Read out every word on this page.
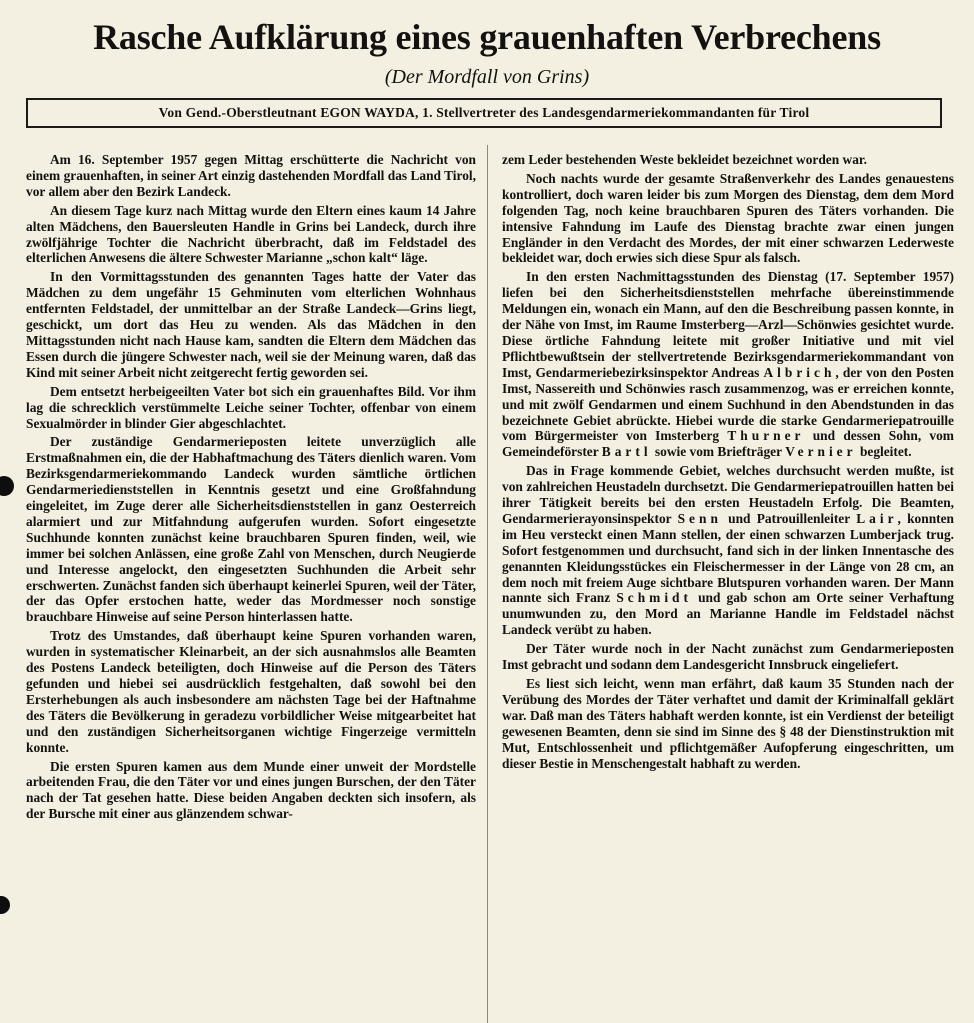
Rasche Aufklärung eines grauenhaften Verbrechens
(Der Mordfall von Grins)
Von Gend.-Oberstleutnant EGON WAYDA, 1. Stellvertreter des Landesgendarmeriekommandanten für Tirol

Am 16. September 1957 gegen Mittag erschütterte die Nachricht von einem grauenhaften, in seiner Art einzig dastehenden Mordfall das Land Tirol, vor allem aber den Bezirk Landeck.

An diesem Tage kurz nach Mittag wurde den Eltern eines kaum 14 Jahre alten Mädchens, den Bauersleuten Handle in Grins bei Landeck, durch ihre zwölfjährige Tochter die Nachricht überbracht, daß im Feldstadel des elterlichen Anwesens die ältere Schwester Marianne „schon kalt“ läge.

In den Vormittagsstunden des genannten Tages hatte der Vater das Mädchen zu dem ungefähr 15 Gehminuten vom elterlichen Wohnhaus entfernten Feldstadel, der unmittelbar an der Straße Landeck—Grins liegt, geschickt, um dort das Heu zu wenden. Als das Mädchen in den Mittagsstunden nicht nach Hause kam, sandten die Eltern dem Mädchen das Essen durch die jüngere Schwester nach, weil sie der Meinung waren, daß das Kind mit seiner Arbeit nicht zeitgerecht fertig geworden sei.

Dem entsetzt herbeigeeilten Vater bot sich ein grauenhaftes Bild. Vor ihm lag die schrecklich verstümmelte Leiche seiner Tochter, offenbar von einem Sexualmörder in blinder Gier abgeschlachtet.

Der zuständige Gendarmerieposten leitete unverzüglich alle Erstmaßnahmen ein, die der Habhaftmachung des Täters dienlich waren. Vom Bezirksgendarmeriekommando Landeck wurden sämtliche örtlichen Gendarmeriedienststellen in Kenntnis gesetzt und eine Großfahndung eingeleitet, im Zuge derer alle Sicherheitsdienststellen in ganz Oesterreich alarmiert und zur Mitfahndung aufgerufen wurden. Sofort eingesetzte Suchhunde konnten zunächst keine brauchbaren Spuren finden, weil, wie immer bei solchen Anlässen, eine große Zahl von Menschen, durch Neugierde und Interesse angelockt, den eingesetzten Suchhunden die Arbeit sehr erschwerten. Zunächst fanden sich überhaupt keinerlei Spuren, weil der Täter, der das Opfer erstochen hatte, weder das Mordmesser noch sonstige brauchbare Hinweise auf seine Person hinterlassen hatte.

Trotz des Umstandes, daß überhaupt keine Spuren vorhanden waren, wurden in systematischer Kleinarbeit, an der sich ausnahmslos alle Beamten des Postens Landeck beteiligten, doch Hinweise auf die Person des Täters gefunden und hiebei sei ausdrücklich festgehalten, daß sowohl bei den Ersterhebungen als auch insbesondere am nächsten Tage bei der Haftnahme des Täters die Bevölkerung in geradezu vorbildlicher Weise mitgearbeitet hat und den zuständigen Sicherheitsorganen wichtige Fingerzeige vermitteln konnte.

Die ersten Spuren kamen aus dem Munde einer unweit der Mordstelle arbeitenden Frau, die den Täter vor und eines jungen Burschen, der den Täter nach der Tat gesehen hatte. Diese beiden Angaben deckten sich insofern, als der Bursche mit einer aus glänzendem schwar-

zem Leder bestehenden Weste bekleidet bezeichnet worden war.

Noch nachts wurde der gesamte Straßenverkehr des Landes genauestens kontrolliert, doch waren leider bis zum Morgen des Dienstag, dem dem Mord folgenden Tag, noch keine brauchbaren Spuren des Täters vorhanden. Die intensive Fahndung im Laufe des Dienstag brachte zwar einen jungen Engländer in den Verdacht des Mordes, der mit einer schwarzen Lederweste bekleidet war, doch erwies sich diese Spur als falsch.

In den ersten Nachmittagsstunden des Dienstag (17. September 1957) liefen bei den Sicherheitsdienststellen mehrfache übereinstimmende Meldungen ein, wonach ein Mann, auf den die Beschreibung passen konnte, in der Nähe von Imst, im Raume Imsterberg—Arzl—Schönwies gesichtet wurde. Diese örtliche Fahndung leitete mit großer Initiative und mit viel Pflichtbewußtsein der stellvertretende Bezirksgendarmeriekommandant von Imst, Gendarmeriebezirksinspektor Andreas Albrich, der von den Posten Imst, Nassereith und Schönwies rasch zusammenzog, was er erreichen konnte, und mit zwölf Gendarmen und einem Suchhund in den Abendstunden in das bezeichnete Gebiet abrückte. Hiebei wurde die starke Gendarmeriepatrouille vom Bürgermeister von Imsterberg Thurner und dessen Sohn, vom Gemeindeförster Bartl sowie vom Briefträger Vernier begleitet.

Das in Frage kommende Gebiet, welches durchsucht werden mußte, ist von zahlreichen Heustadeln durchsetzt. Die Gendarmeriepatrouillen hatten bei ihrer Tätigkeit bereits bei den ersten Heustadeln Erfolg. Die Beamten, Gendarmerierayonsinspektor Senn und Patrouillenleiter Lair, konnten im Heu versteckt einen Mann stellen, der einen schwarzen Lumberjack trug. Sofort festgenommen und durchsucht, fand sich in der linken Innentasche des genannten Kleidungsstückes ein Fleischermesser in der Länge von 28 cm, an dem noch mit freiem Auge sichtbare Blutspuren vorhanden waren. Der Mann nannte sich Franz Schmidt und gab schon am Orte seiner Verhaftung unumwunden zu, den Mord an Marianne Handle im Feldstadel nächst Landeck verübt zu haben.

Der Täter wurde noch in der Nacht zunächst zum Gendarmerieposten Imst gebracht und sodann dem Landesgericht Innsbruck eingeliefert.

Es liest sich leicht, wenn man erfährt, daß kaum 35 Stunden nach der Verübung des Mordes der Täter verhaftet und damit der Kriminalfall geklärt war. Daß man des Täters habhaft werden konnte, ist ein Verdienst der beteiligt gewesenen Beamten, denn sie sind im Sinne des § 48 der Dienstinstruktion mit Mut, Entschlossenheit und pflichtgemäßer Aufopferung eingeschritten, um dieser Bestie in Menschengestalt habhaft zu werden.
